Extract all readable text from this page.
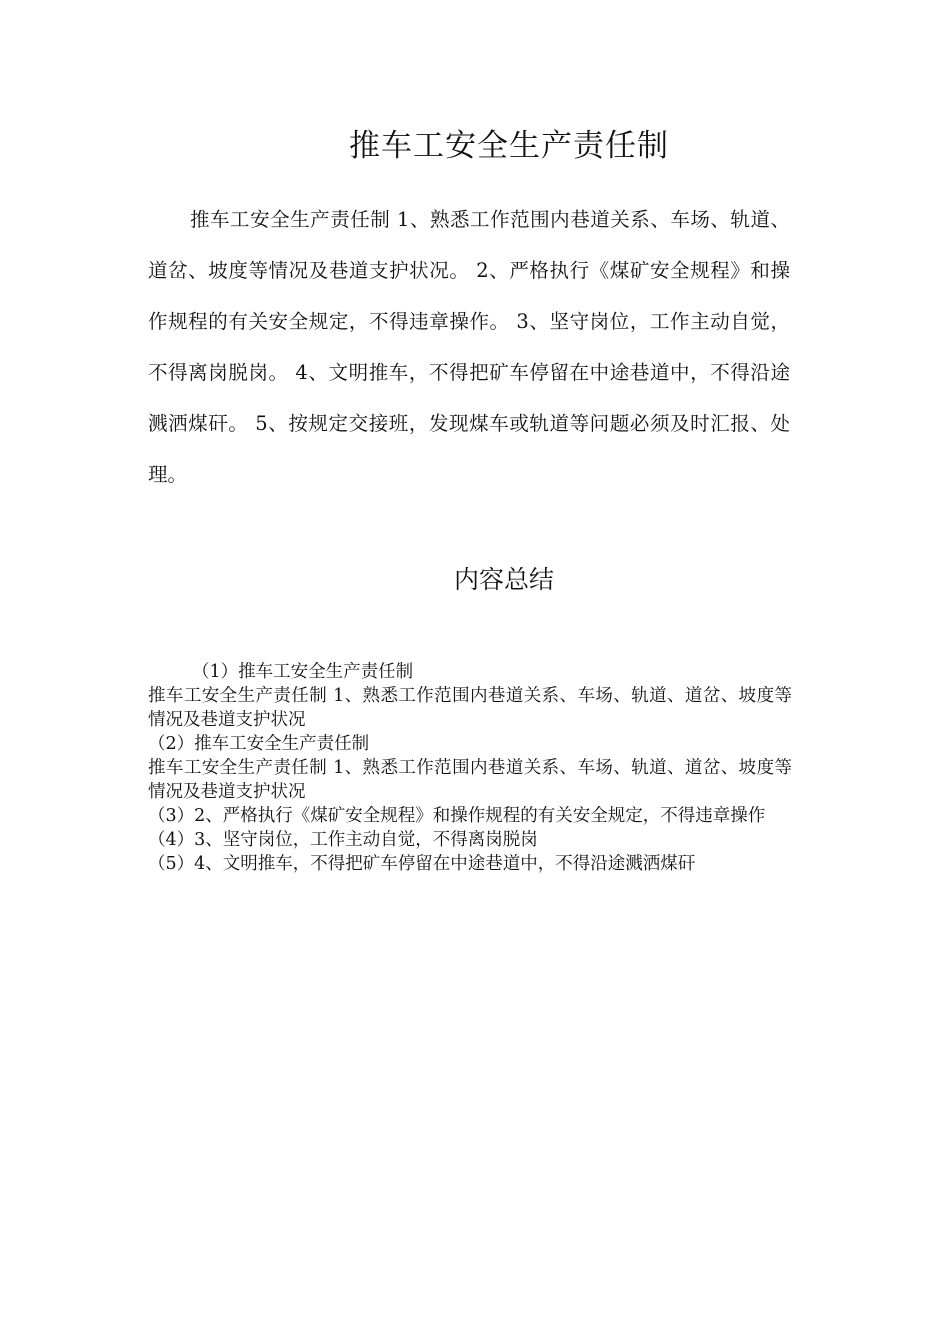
推车工安全生产责任制

推车工安全生产责任制 1、熟悉工作范围内巷道关系、车场、轨道、道岔、坡度等情况及巷道支护状况。 2、严格执行《煤矿安全规程》和操作规程的有关安全规定，不得违章操作。 3、坚守岗位，工作主动自觉，不得离岗脱岗。 4、文明推车，不得把矿车停留在中途巷道中，不得沿途溅洒煤矸。 5、按规定交接班，发现煤车或轨道等问题必须及时汇报、处理。

内容总结
（1）推车工安全生产责任制
推车工安全生产责任制 1、熟悉工作范围内巷道关系、车场、轨道、道岔、坡度等情况及巷道支护状况
（2）推车工安全生产责任制
推车工安全生产责任制 1、熟悉工作范围内巷道关系、车场、轨道、道岔、坡度等情况及巷道支护状况
（3）2、严格执行《煤矿安全规程》和操作规程的有关安全规定，不得违章操作
（4）3、坚守岗位，工作主动自觉，不得离岗脱岗
（5）4、文明推车，不得把矿车停留在中途巷道中，不得沿途溅洒煤矸
